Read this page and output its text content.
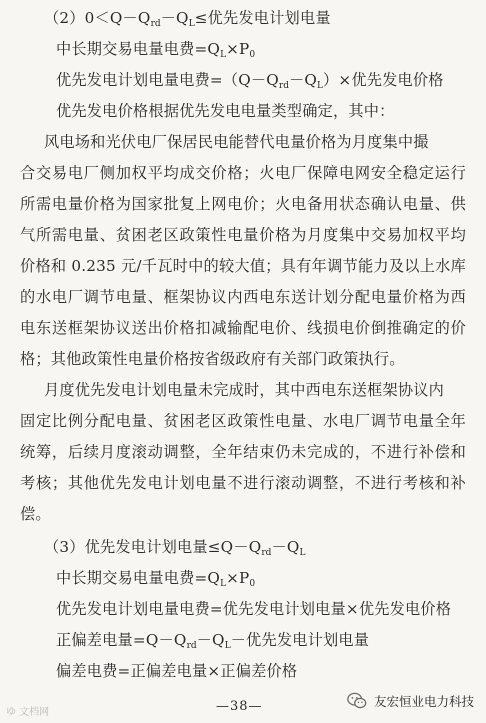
$(2)0<Q-Q_{rd}-Q_L\le$优先发电计划电量
中长期交易电量电费$=Q_L\times P_0$
优先发电计划电量电费$=(Q-Q_{rd}-Q_L)\times$优先发电价格
优先发电价格根据优先发电电量类型确定，其中：
风电场和光伏电厂保居民电能替代电量价格为月度集中撮
合交易电厂侧加权平均成交价格；火电厂保障电网安全稳定运行
所需电量价格为国家批复上网电价；火电备用状态确认电量、供
气所需电量、贫困老区政策性电量价格为月度集中交易加权平均
价格和 0.235 元/千瓦时中的较大值；具有年调节能力及以上水库
的水电厂调节电量、框架协议内西电东送计划分配电量价格为西
电东送框架协议送出价格扣减输配电价、线损电价倒推确定的价
格；其他政策性电量价格按省级政府有关部门政策执行。
月度优先发电计划电量未完成时，其中西电东送框架协议内
固定比例分配电量、贫困老区政策性电量、水电厂调节电量全年
统筹，后续月度滚动调整，全年结束仍未完成的，不进行补偿和
考核；其他优先发电计划电量不进行滚动调整，不进行考核和补
偿。
（3）优先发电计划电量$\le Q-Q_{rd}-Q_L$
中长期交易电量电费$=Q_L\times P_0$
优先发电计划电量电费=优先发电计划电量×优先发电价格
正偏差电量$=Q-Q_{rd}-Q_L-$优先发电计划电量
偏差电费=正偏差电量×正偏差价格
ゆ 文档网	—38—	友宏恒业电力科技
